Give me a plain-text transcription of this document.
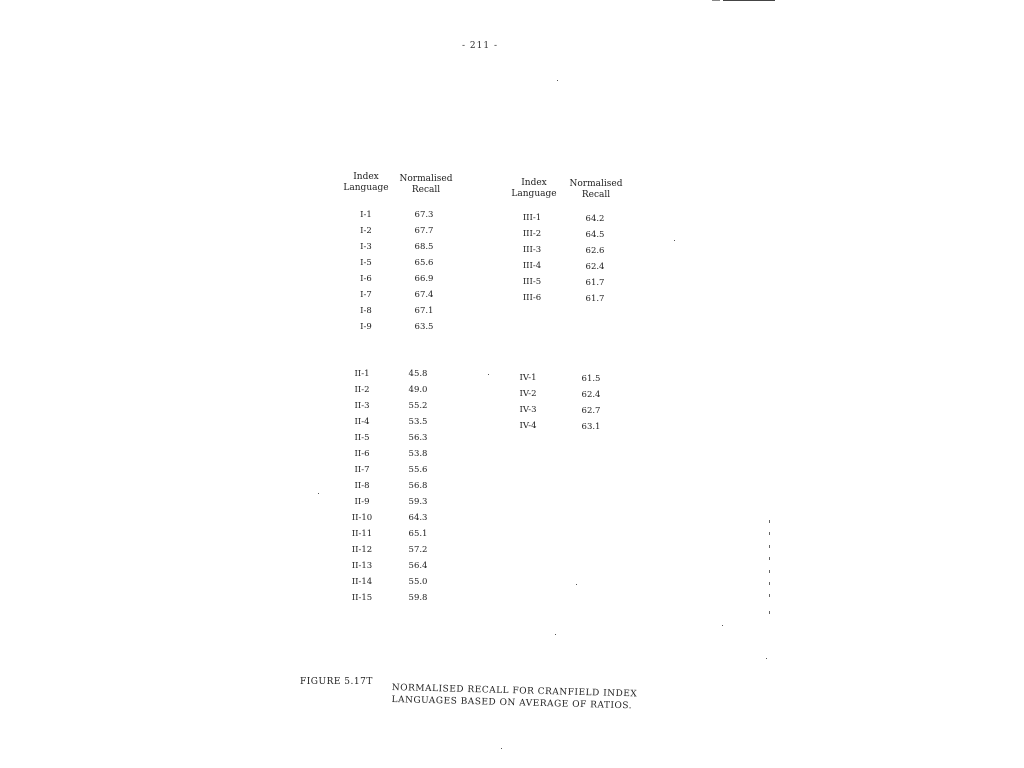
- 211 -
Index
Language
Normalised
Recall
Index
Language
Normalised
Recall
I-1
I-2
I-3
I-5
I-6
I-7
I-8
I-9
67.3
67.7
68.5
65.6
66.9
67.4
67.1
63.5
II-1
II-2
II-3
II-4
II-5
II-6
II-7
II-8
II-9
II-10
II-11
II-12
II-13
II-14
II-15
45.8
49.0
55.2
53.5
56.3
53.8
55.6
56.8
59.3
64.3
65.1
57.2
56.4
55.0
59.8
III-1
III-2
III-3
III-4
III-5
III-6
64.2
64.5
62.6
62.4
61.7
61.7
IV-1
IV-2
IV-3
IV-4
61.5
62.4
62.7
63.1
FIGURE 5.17T
NORMALISED RECALL FOR CRANFIELD INDEX LANGUAGES BASED ON AVERAGE OF RATIOS.
